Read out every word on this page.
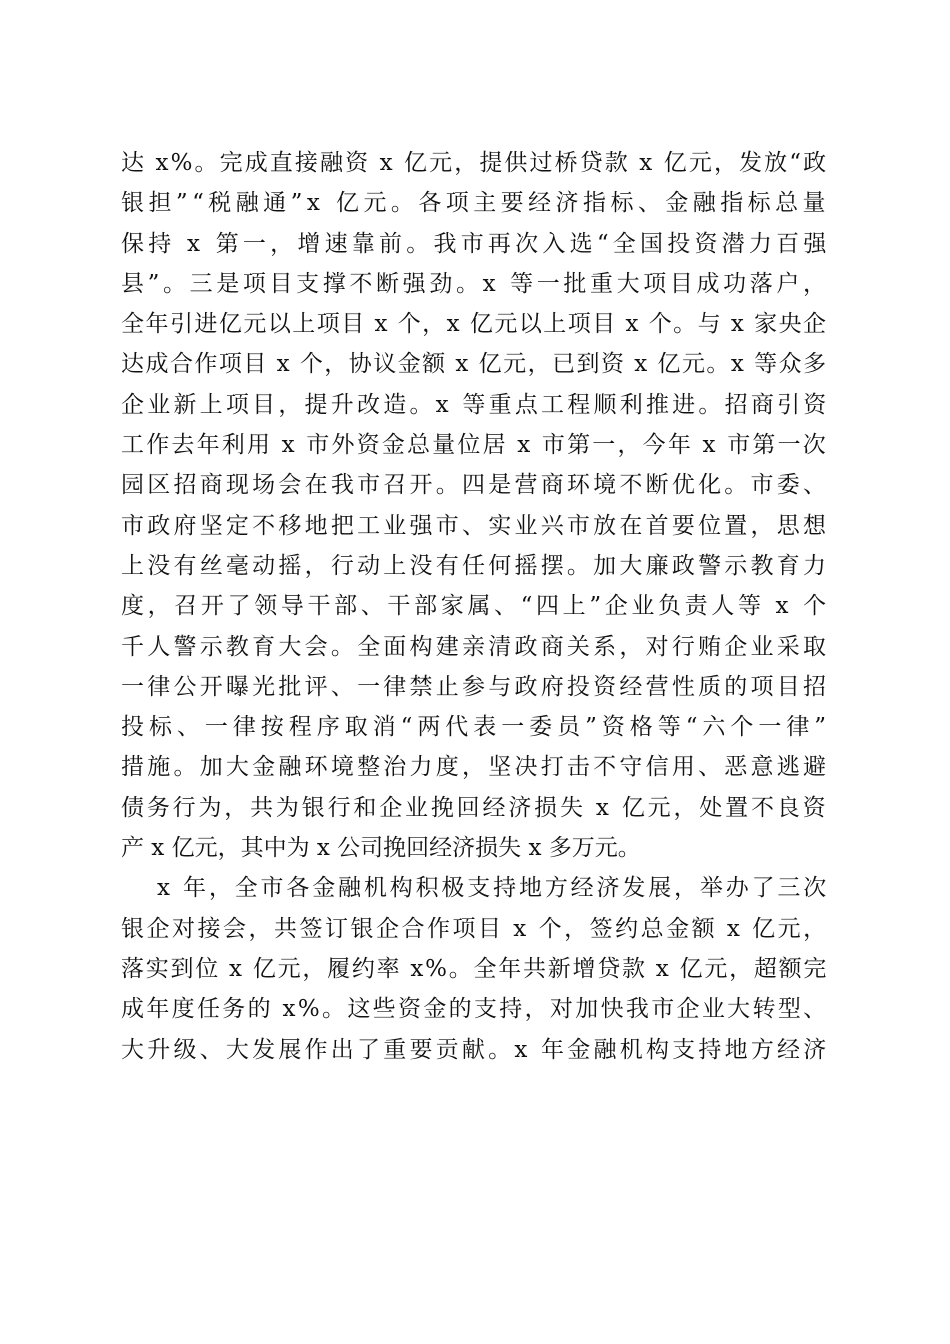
达 x%。完成直接融资 x 亿元，提供过桥贷款 x 亿元，发放“政
银担”“税融通”x 亿元。各项主要经济指标、金融指标总量
保持 x 第一，增速靠前。我市再次入选“全国投资潜力百强
县”。三是项目支撑不断强劲。x 等一批重大项目成功落户，
全年引进亿元以上项目 x 个，x 亿元以上项目 x 个。与 x 家央企
达成合作项目 x 个，协议金额 x 亿元，已到资 x 亿元。x 等众多
企业新上项目，提升改造。x 等重点工程顺利推进。招商引资
工作去年利用 x 市外资金总量位居 x 市第一，今年 x 市第一次
园区招商现场会在我市召开。四是营商环境不断优化。市委、
市政府坚定不移地把工业强市、实业兴市放在首要位置，思想
上没有丝毫动摇，行动上没有任何摇摆。加大廉政警示教育力
度，召开了领导干部、干部家属、“四上”企业负责人等 x 个
千人警示教育大会。全面构建亲清政商关系，对行贿企业采取
一律公开曝光批评、一律禁止参与政府投资经营性质的项目招
投标、一律按程序取消“两代表一委员”资格等“六个一律”
措施。加大金融环境整治力度，坚决打击不守信用、恶意逃避
债务行为，共为银行和企业挽回经济损失 x 亿元，处置不良资
产 x 亿元，其中为 x 公司挽回经济损失 x 多万元。
x 年，全市各金融机构积极支持地方经济发展，举办了三次
银企对接会，共签订银企合作项目 x 个，签约总金额 x 亿元，
落实到位 x 亿元，履约率 x%。全年共新增贷款 x 亿元，超额完
成年度任务的 x%。这些资金的支持，对加快我市企业大转型、
大升级、大发展作出了重要贡献。x 年金融机构支持地方经济
